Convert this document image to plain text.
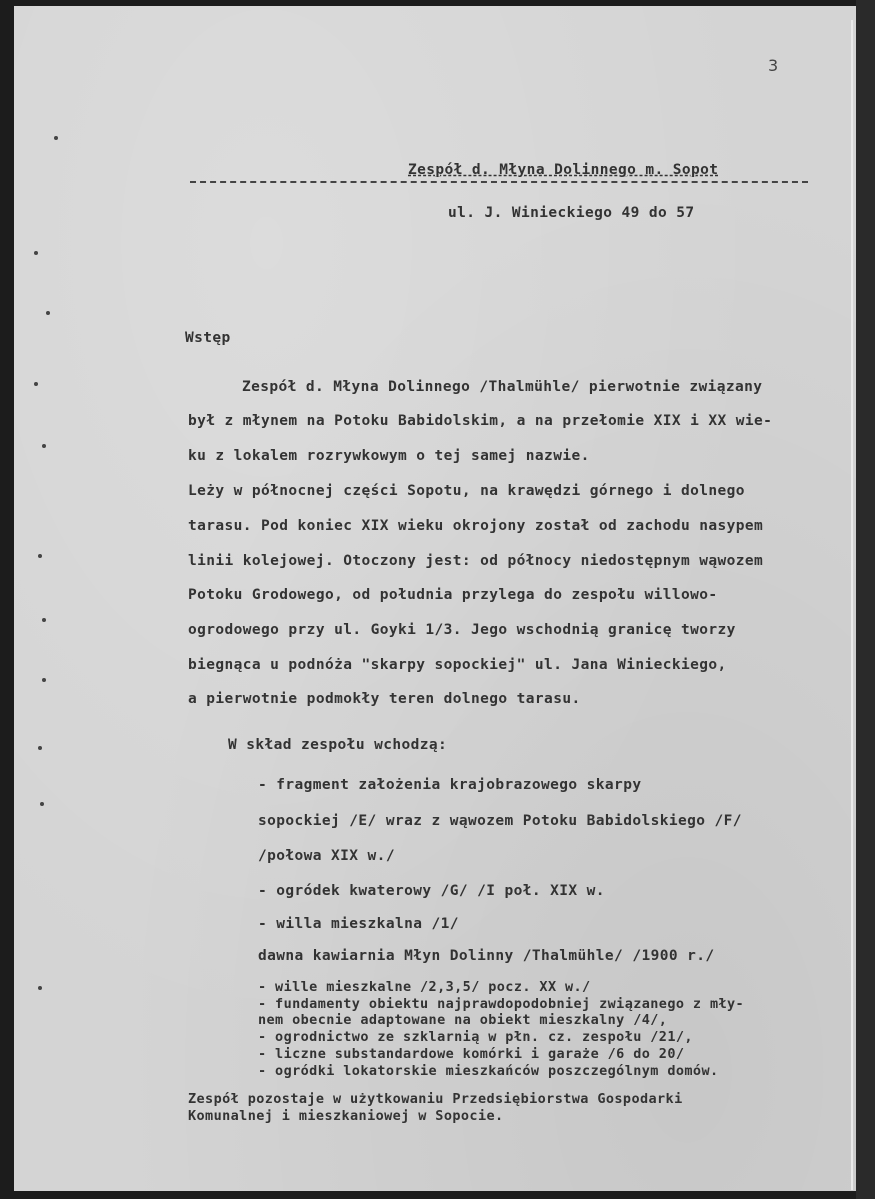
3
Zespół d. Młyna Dolinnego m. Sopot
ul. J. Winieckiego 49 do 57
Wstęp
Zespół d. Młyna Dolinnego /Thalmühle/ pierwotnie związany
był z młynem na Potoku Babidolskim, a na przełomie XIX i XX wie-
ku z lokalem rozrywkowym o tej samej nazwie.
Leży w północnej części Sopotu, na krawędzi górnego i dolnego
tarasu. Pod koniec XIX wieku okrojony został od zachodu nasypem
linii kolejowej. Otoczony jest: od północy niedostępnym wąwozem
Potoku Grodowego, od południa przylega do zespołu willowo-
ogrodowego przy ul. Goyki 1/3. Jego wschodnią granicę tworzy
biegnąca u podnóża "skarpy sopockiej" ul. Jana Winieckiego,
a pierwotnie podmokły teren dolnego tarasu.
W skład zespołu wchodzą:
- fragment założenia krajobrazowego skarpy
sopockiej /E/ wraz z wąwozem Potoku Babidolskiego /F/
/połowa XIX w./
- ogródek kwaterowy /G/ /I poł. XIX w.
- willa mieszkalna /1/
dawna kawiarnia Młyn Dolinny /Thalmühle/ /1900 r./
- wille mieszkalne /2,3,5/ pocz. XX w./
- fundamenty obiektu najprawdopodobniej związanego z mły-
nem obecnie adaptowane na obiekt mieszkalny /4/,
- ogrodnictwo ze szklarnią w płn. cz. zespołu /21/,
- liczne substandardowe komórki i garaże /6 do 20/
- ogródki lokatorskie mieszkańców poszczególnym domów.
Zespół pozostaje w użytkowaniu Przedsiębiorstwa Gospodarki
Komunalnej i mieszkaniowej w Sopocie.
